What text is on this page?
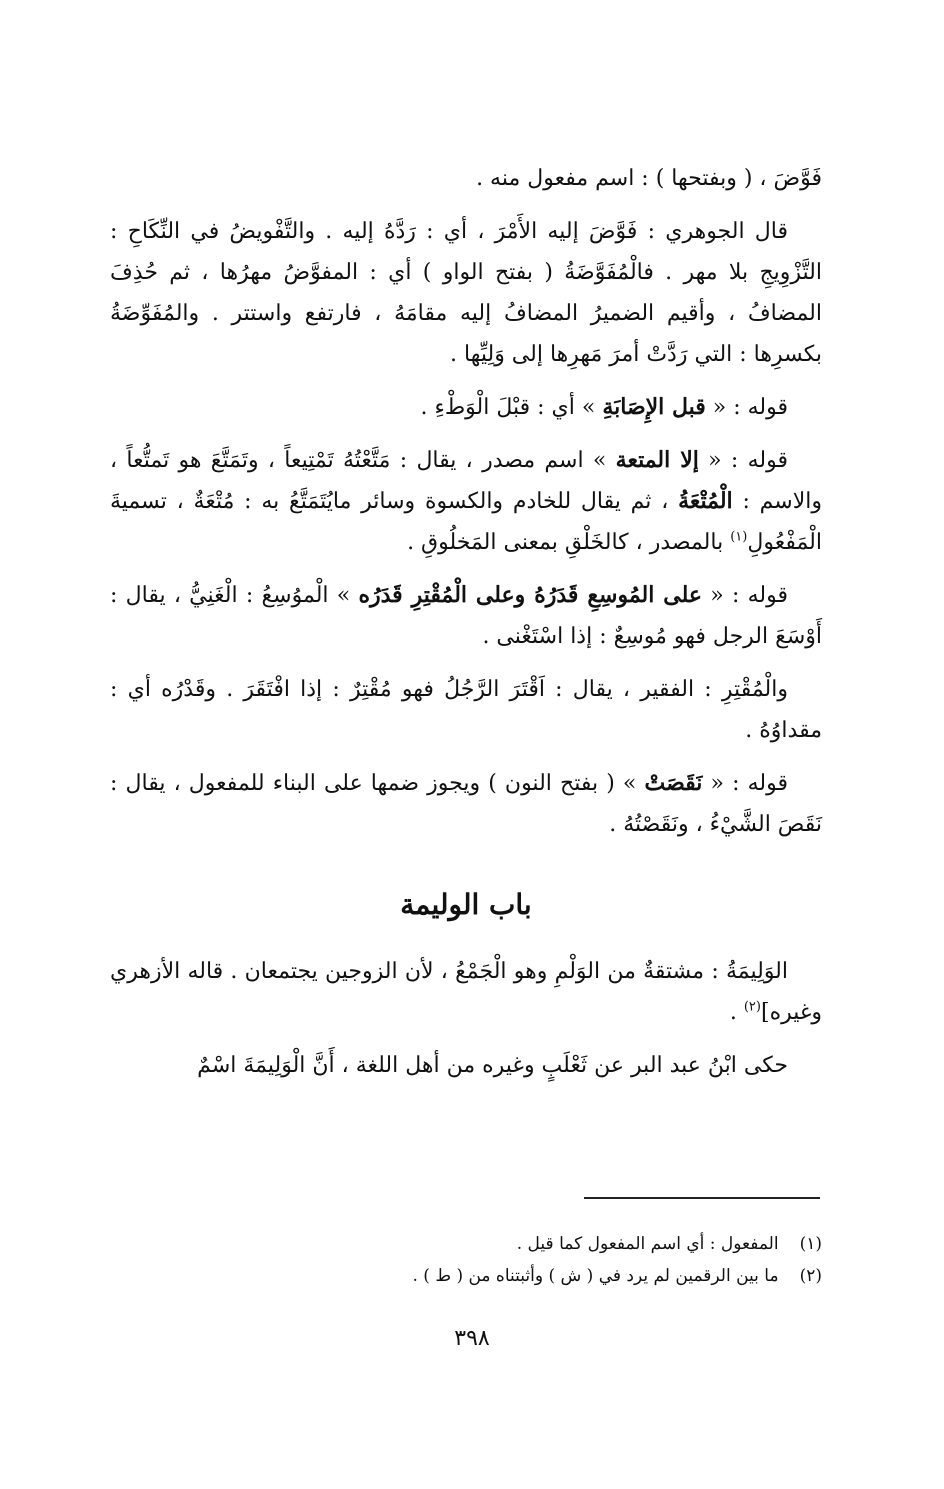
فَوَّضَ ، ( وبفتحها ) : اسم مفعول منه .

قال الجوهري : فَوَّضَ إليه الأَمْرَ ، أي : رَدَّهُ إليه . والتَّفْويضُ في النِّكَاحِ : التَّزْوِيجِ بلا مهر . فالْمُفَوَّضَةُ ( بفتح الواو ) أي : المفوَّضُ مهرُها ، ثم حُذِفَ المضافُ ، وأقيم الضميرُ المضافُ إليه مقامَهُ ، فارتفع واستتر . والمُفَوِّضَةُ بكسرِها : التي رَدَّتْ أمرَ مَهرِها إلى وَلِيِّها .

قوله : « قبل الإِصَابَةِ » أي : قبْلَ الْوَطْءِ .

قوله : « إلا المتعة » اسم مصدر ، يقال : مَتَّعْتُهُ تَمْتِيعاً ، وتَمَتَّعَ هو تَمتُّعاً ، والاسم : الْمُتْعَةُ ، ثم يقال للخادم والكسوة وسائر مايُتَمَتَّعُ به : مُتْعَةٌ ، تسميةَ الْمَفْعُولِ$^{(١)}$ بالمصدر ، كالخَلْقِ بمعنى المَخلُوقِ .

قوله : « على المُوسِعِ قَدَرُهُ وعلى الْمُقْتِرِ قَدَرُه » الْموُسِعُ : الْغَنِيُّ ، يقال : أَوْسَعَ الرجل فهو مُوسِعٌ : إذا اسْتَغْنى .

والْمُقْتِرِ : الفقير ، يقال : اَقْتَرَ الرَّجُلُ فهو مُقْتِرٌ : إذا افْتَقَرَ . وقَدْرُه أي : مقداوُهُ .

قوله : « نَقَصَتْ » ( بفتح النون ) ويجوز ضمها على البناء للمفعول ، يقال : نَقَصَ الشَّيْءُ ، ونَقَصْتُهُ .

باب الوليمة

الوَلِيمَةُ : مشتقةٌ من الوَلْمِ وهو الْجَمْعُ ، لأن الزوجين يجتمعان . قاله الأزهري وغيره]$^{(٢)}$ .

حكى ابْنُ عبد البر عن ثَعْلَبٍ وغيره من أهل اللغة ، أَنَّ الْوَلِيمَةَ اسْمٌ

(١) المفعول : أي اسم المفعول كما قيل .

(٢) ما بين الرقمين لم يرد في ( ش ) وأثبتناه من ( ط ) .

٣٩٨
